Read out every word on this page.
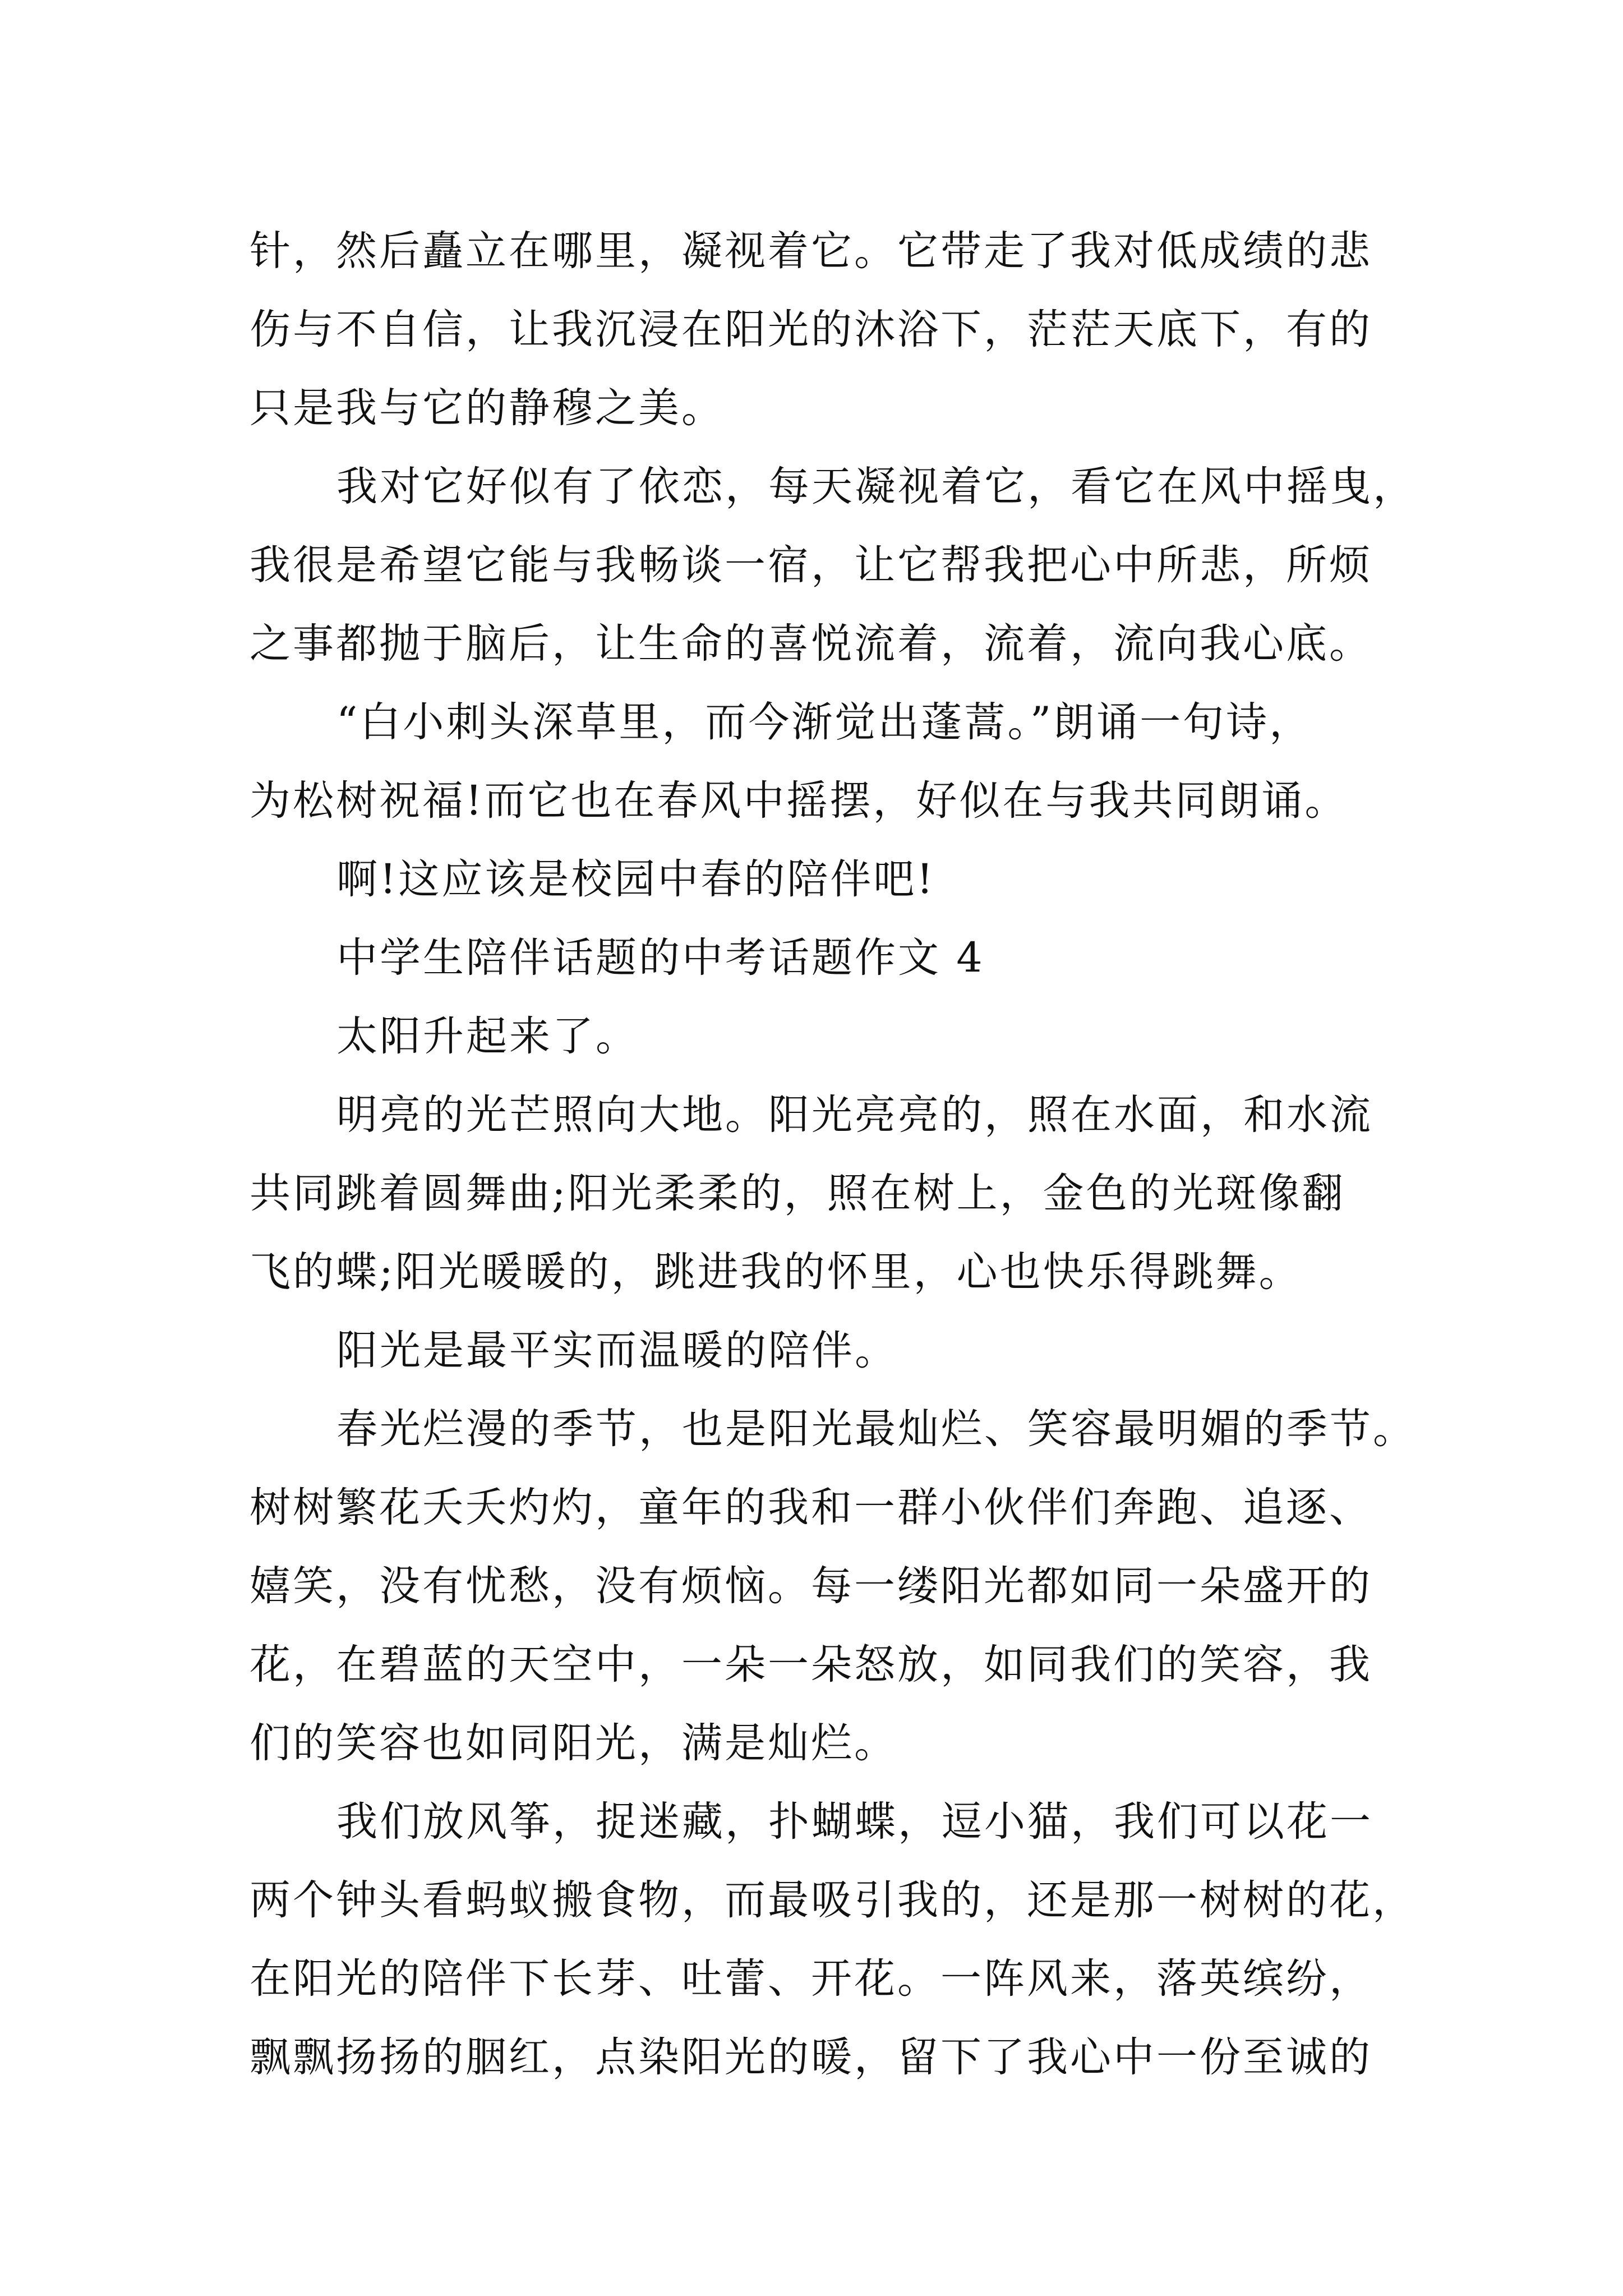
针，然后矗立在哪里，凝视着它。它带走了我对低成绩的悲
伤与不自信，让我沉浸在阳光的沐浴下，茫茫天底下，有的
只是我与它的静穆之美。
我对它好似有了依恋，每天凝视着它，看它在风中摇曳，
我很是希望它能与我畅谈一宿，让它帮我把心中所悲，所烦
之事都抛于脑后，让生命的喜悦流着，流着，流向我心底。
“白小刺头深草里，而今渐觉出蓬蒿。”朗诵一句诗，
为松树祝福!而它也在春风中摇摆，好似在与我共同朗诵。
啊!这应该是校园中春的陪伴吧!
中学生陪伴话题的中考话题作文 4
太阳升起来了。
明亮的光芒照向大地。阳光亮亮的，照在水面，和水流
共同跳着圆舞曲;阳光柔柔的，照在树上，金色的光斑像翻
飞的蝶;阳光暖暖的，跳进我的怀里，心也快乐得跳舞。
阳光是最平实而温暖的陪伴。
春光烂漫的季节，也是阳光最灿烂、笑容最明媚的季节。
树树繁花夭夭灼灼，童年的我和一群小伙伴们奔跑、追逐、
嬉笑，没有忧愁，没有烦恼。每一缕阳光都如同一朵盛开的
花，在碧蓝的天空中，一朵一朵怒放，如同我们的笑容，我
们的笑容也如同阳光，满是灿烂。
我们放风筝，捉迷藏，扑蝴蝶，逗小猫，我们可以花一
两个钟头看蚂蚁搬食物，而最吸引我的，还是那一树树的花，
在阳光的陪伴下长芽、吐蕾、开花。一阵风来，落英缤纷，
飘飘扬扬的胭红，点染阳光的暖，留下了我心中一份至诚的
